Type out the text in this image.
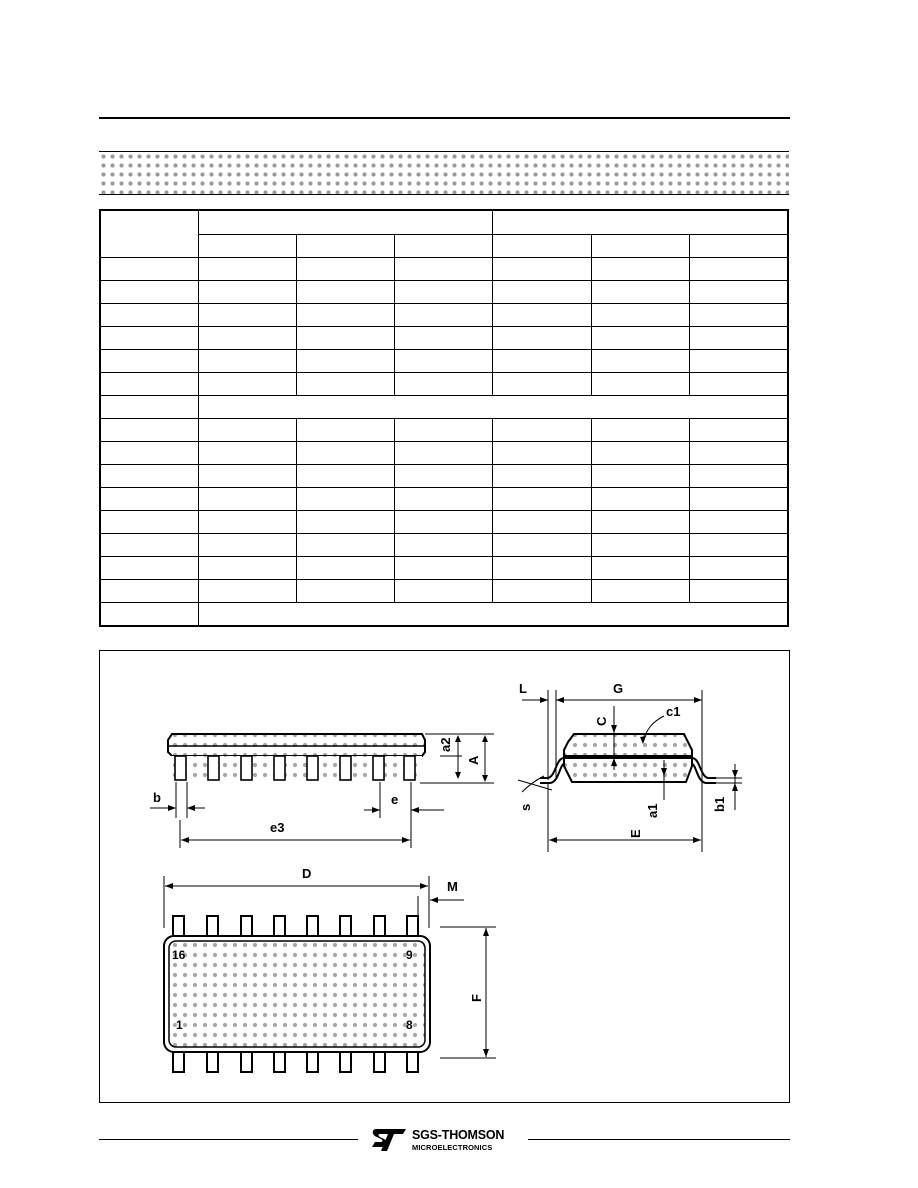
a2
A
b	e
e3
L	G
C
c1
s	a1	b1
E
D
M
F
16	9
1	8
SGS-THOMSON
MICROELECTRONICS
